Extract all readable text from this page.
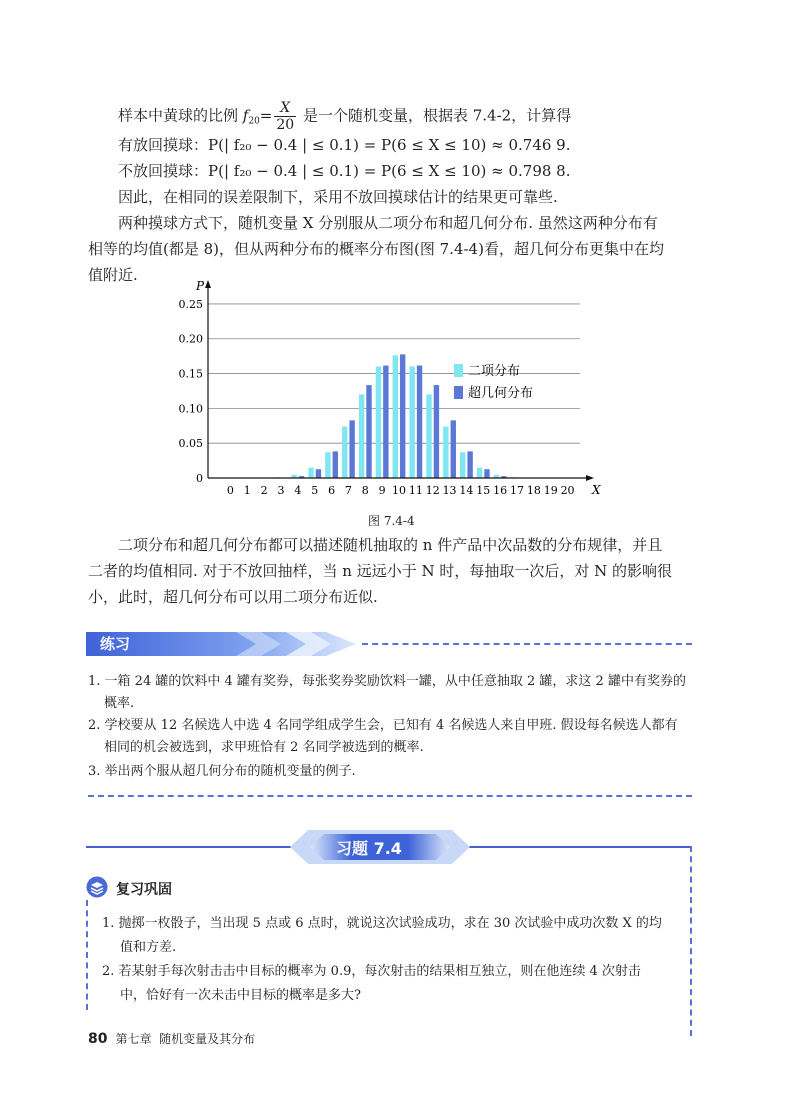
样本中黄球的比例 $f_{20}= \frac{X}{20}$ 是一个随机变量，根据表 7.4-2，计算得
有放回摸球：P(| f₂₀ − 0.4 | ≤ 0.1) = P(6 ≤ X ≤ 10) ≈ 0.746 9.
不放回摸球：P(| f₂₀ − 0.4 | ≤ 0.1) = P(6 ≤ X ≤ 10) ≈ 0.798 8.
因此，在相同的误差限制下，采用不放回摸球估计的结果更可靠些.
两种摸球方式下，随机变量 X 分别服从二项分布和超几何分布. 虽然这两种分布有
相等的均值(都是 8)，但从两种分布的概率分布图(图 7.4-4)看，超几何分布更集中在均
值附近.
0.25
0.20
0.15
0.10
0.05
0
0 1 2 3 4 5 6 7 8 9 10 11 12 13 14 15 16 17 18 19 20
P
X
二项分布
超几何分布
图 7.4-4
二项分布和超几何分布都可以描述随机抽取的 n 件产品中次品数的分布规律，并且
二者的均值相同. 对于不放回抽样，当 n 远远小于 N 时，每抽取一次后，对 N 的影响很
小，此时，超几何分布可以用二项分布近似.
练习
1. 一箱 24 罐的饮料中 4 罐有奖券，每张奖券奖励饮料一罐，从中任意抽取 2 罐，求这 2 罐中有奖券的
概率.
2. 学校要从 12 名候选人中选 4 名同学组成学生会，已知有 4 名候选人来自甲班. 假设每名候选人都有
相同的机会被选到，求甲班恰有 2 名同学被选到的概率.
3. 举出两个服从超几何分布的随机变量的例子.
习题 7.4
复习巩固
1. 抛掷一枚骰子，当出现 5 点或 6 点时，就说这次试验成功，求在 30 次试验中成功次数 X 的均
值和方差.
2. 若某射手每次射击击中目标的概率为 0.9，每次射击的结果相互独立，则在他连续 4 次射击
中，恰好有一次未击中目标的概率是多大?
80 第七章 随机变量及其分布
